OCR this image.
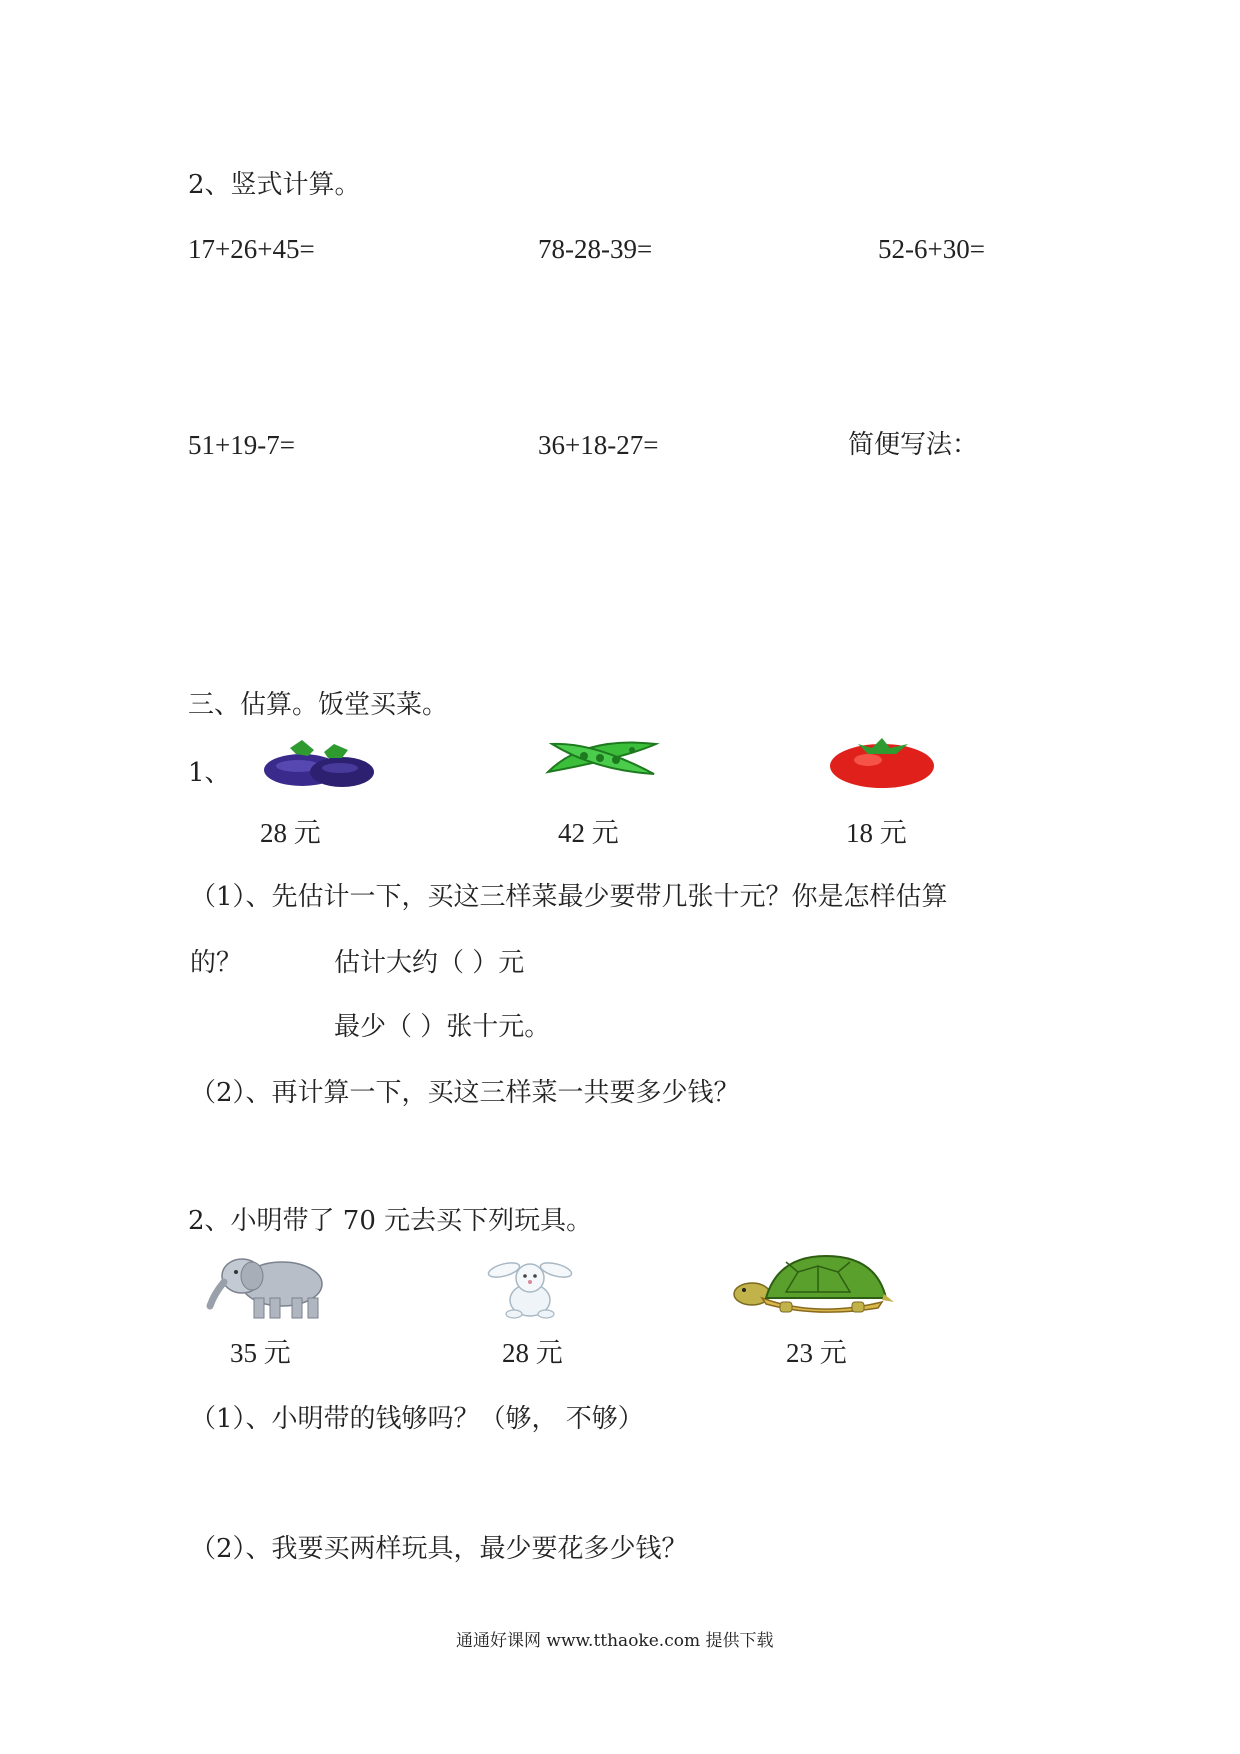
2、竖式计算。
17+26+45=	78-28-39=	52-6+30=
51+19-7=	36+18-27=	简便写法：
三、估算。饭堂买菜。
1、
28 元	42 元	18 元
（1）、先估计一下，买这三样菜最少要带几张十元？你是怎样估算
的？	估计大约（ ）元
最少（ ）张十元。
（2）、再计算一下，买这三样菜一共要多少钱？
2、小明带了 70 元去买下列玩具。
35 元	28 元	23 元
（1）、小明带的钱够吗？（够， 不够）
（2）、我要买两样玩具，最少要花多少钱？
通通好课网 www.tthaoke.com 提供下载
